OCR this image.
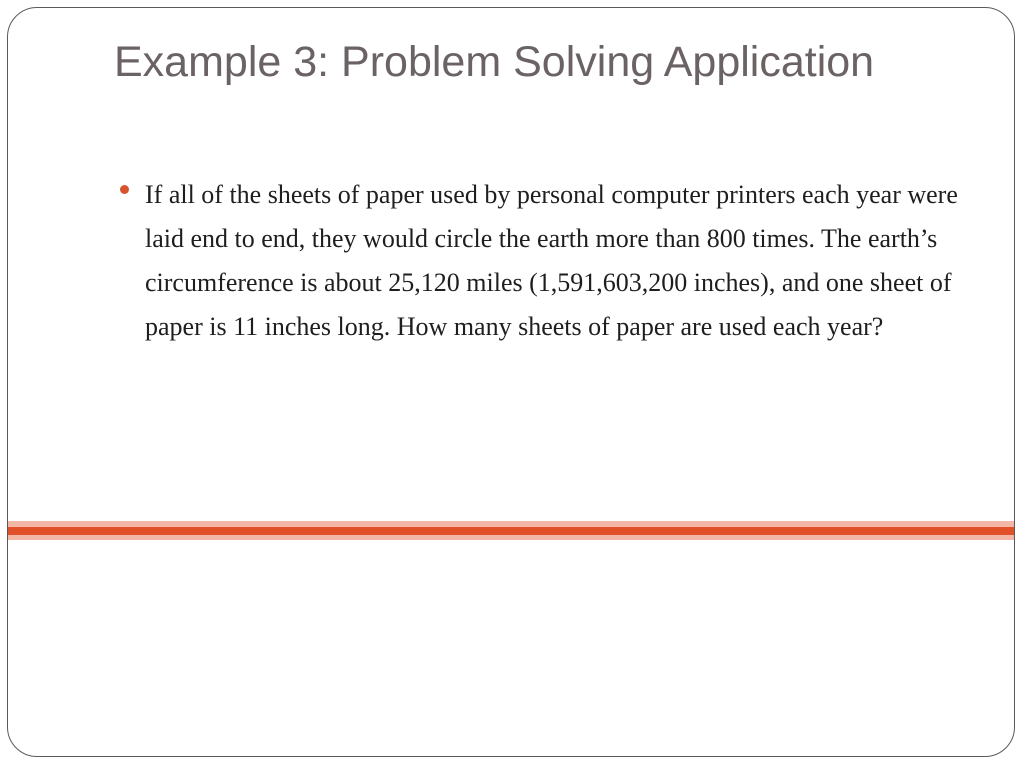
Example 3: Problem Solving Application
If all of the sheets of paper used by personal computer printers each year were laid end to end, they would circle the earth more than 800 times. The earth’s circumference is about 25,120 miles (1,591,603,200 inches), and one sheet of paper is 11 inches long. How many sheets of paper are used each year?
